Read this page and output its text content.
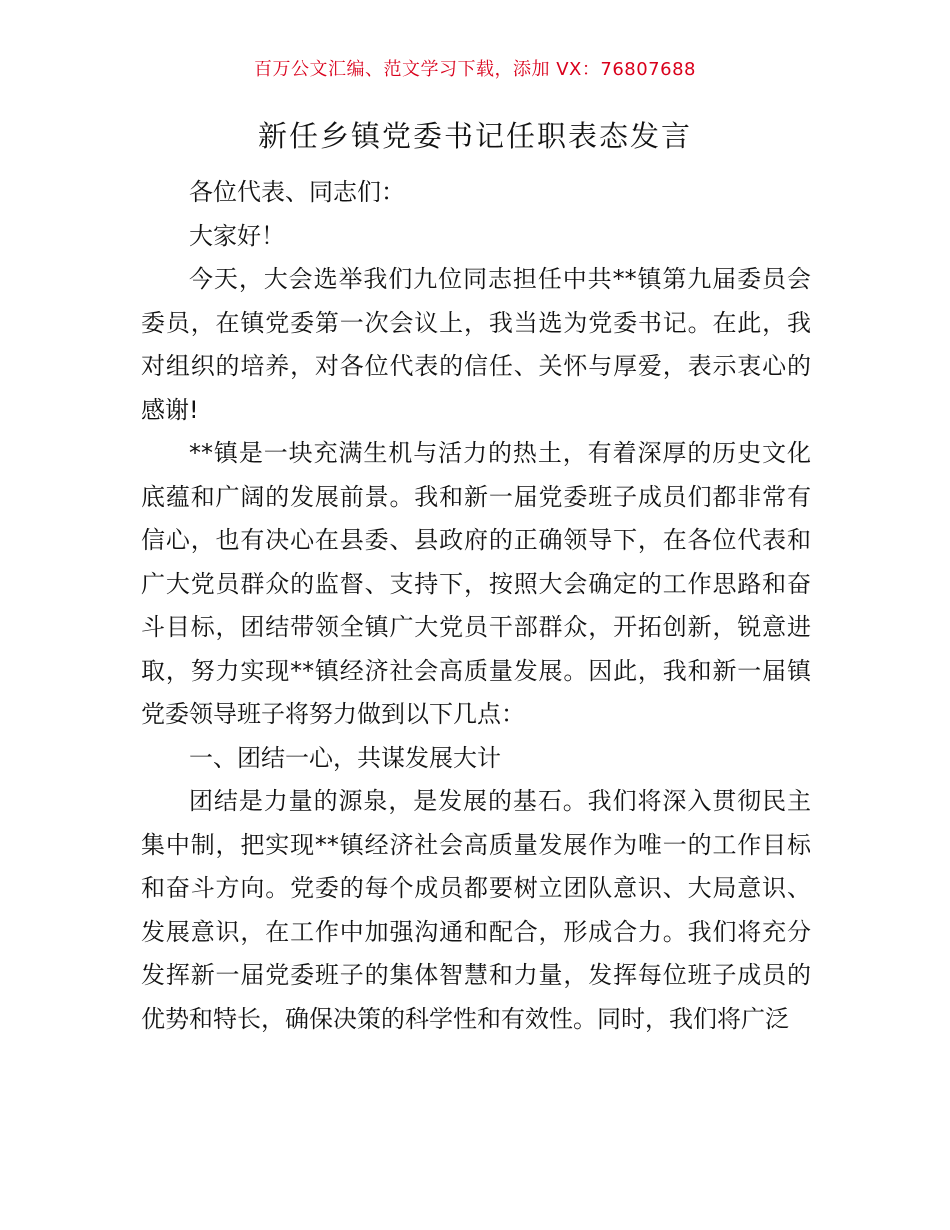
百万公文汇编、范文学习下载，添加 VX：76807688
新任乡镇党委书记任职表态发言

各位代表、同志们：

大家好！

今天，大会选举我们九位同志担任中共**镇第九届委员会委员，在镇党委第一次会议上，我当选为党委书记。在此，我对组织的培养，对各位代表的信任、关怀与厚爱，表示衷心的感谢!

**镇是一块充满生机与活力的热土，有着深厚的历史文化底蕴和广阔的发展前景。我和新一届党委班子成员们都非常有信心，也有决心在县委、县政府的正确领导下，在各位代表和广大党员群众的监督、支持下，按照大会确定的工作思路和奋斗目标，团结带领全镇广大党员干部群众，开拓创新，锐意进取，努力实现**镇经济社会高质量发展。因此，我和新一届镇党委领导班子将努力做到以下几点：

一、团结一心，共谋发展大计

团结是力量的源泉，是发展的基石。我们将深入贯彻民主集中制，把实现**镇经济社会高质量发展作为唯一的工作目标和奋斗方向。党委的每个成员都要树立团队意识、大局意识、发展意识，在工作中加强沟通和配合，形成合力。我们将充分发挥新一届党委班子的集体智慧和力量，发挥每位班子成员的优势和特长，确保决策的科学性和有效性。同时，我们将广泛
